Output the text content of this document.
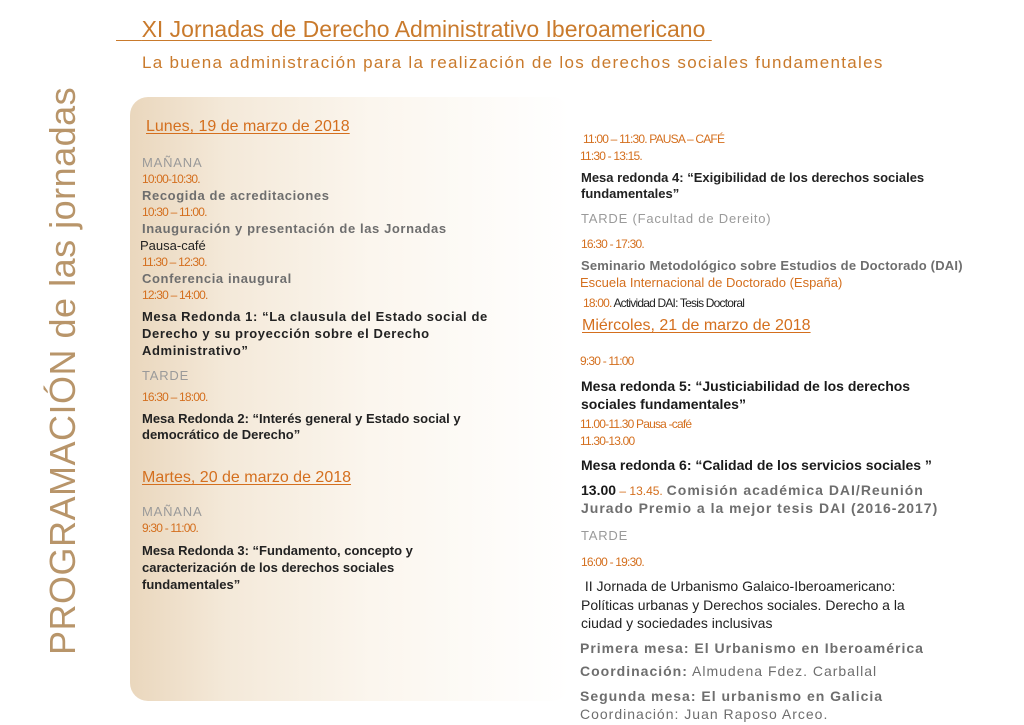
PROGRAMACIÓN de las jornadas
XI Jornadas de Derecho Administrativo Iberoamericano
La buena administración para la realización de los derechos sociales fundamentales
Lunes, 19 de marzo de 2018
MAÑANA
10:00-10:30.
Recogida de acreditaciones
10:30 – 11:00.
Inauguración y presentación de las Jornadas
Pausa-café
11:30 – 12:30.
Conferencia inaugural
12:30 – 14:00.
Mesa Redonda 1: “La clausula del Estado social de
Derecho y su proyección sobre el Derecho
Administrativo”
TARDE
16:30 – 18:00.
Mesa Redonda 2: “Interés general y Estado social y
democrático de Derecho”
Martes, 20 de marzo de 2018
MAÑANA
9:30 - 11:00.
Mesa Redonda 3: “Fundamento, concepto y
caracterización de los derechos sociales
fundamentales”
11:00 – 11:30. PAUSA – CAFÉ
11:30 - 13:15.
Mesa redonda 4: “Exigibilidad de los derechos sociales
fundamentales”
TARDE (Facultad de Dereito)
16:30 - 17:30.
Seminario Metodológico sobre Estudios de Doctorado (DAI)
Escuela Internacional de Doctorado (España)
18:00. Actividad DAI: Tesis Doctoral
Miércoles, 21 de marzo de 2018
9:30 - 11:00
Mesa redonda 5: “Justiciabilidad de los derechos
sociales fundamentales”
11.00-11.30 Pausa -café
11.30-13.00
Mesa redonda 6: “Calidad de los servicios sociales ”
13.00 – 13.45. Comisión académica DAI/Reunión
Jurado Premio a la mejor tesis DAI (2016-2017)
TARDE
16:00 - 19:30.
II Jornada de Urbanismo Galaico-Iberoamericano:
Políticas urbanas y Derechos sociales. Derecho a la
ciudad y sociedades inclusivas
Primera mesa: El Urbanismo en Iberoamérica
Coordinación: Almudena Fdez. Carballal
Segunda mesa: El urbanismo en Galicia
Coordinación: Juan Raposo Arceo.
